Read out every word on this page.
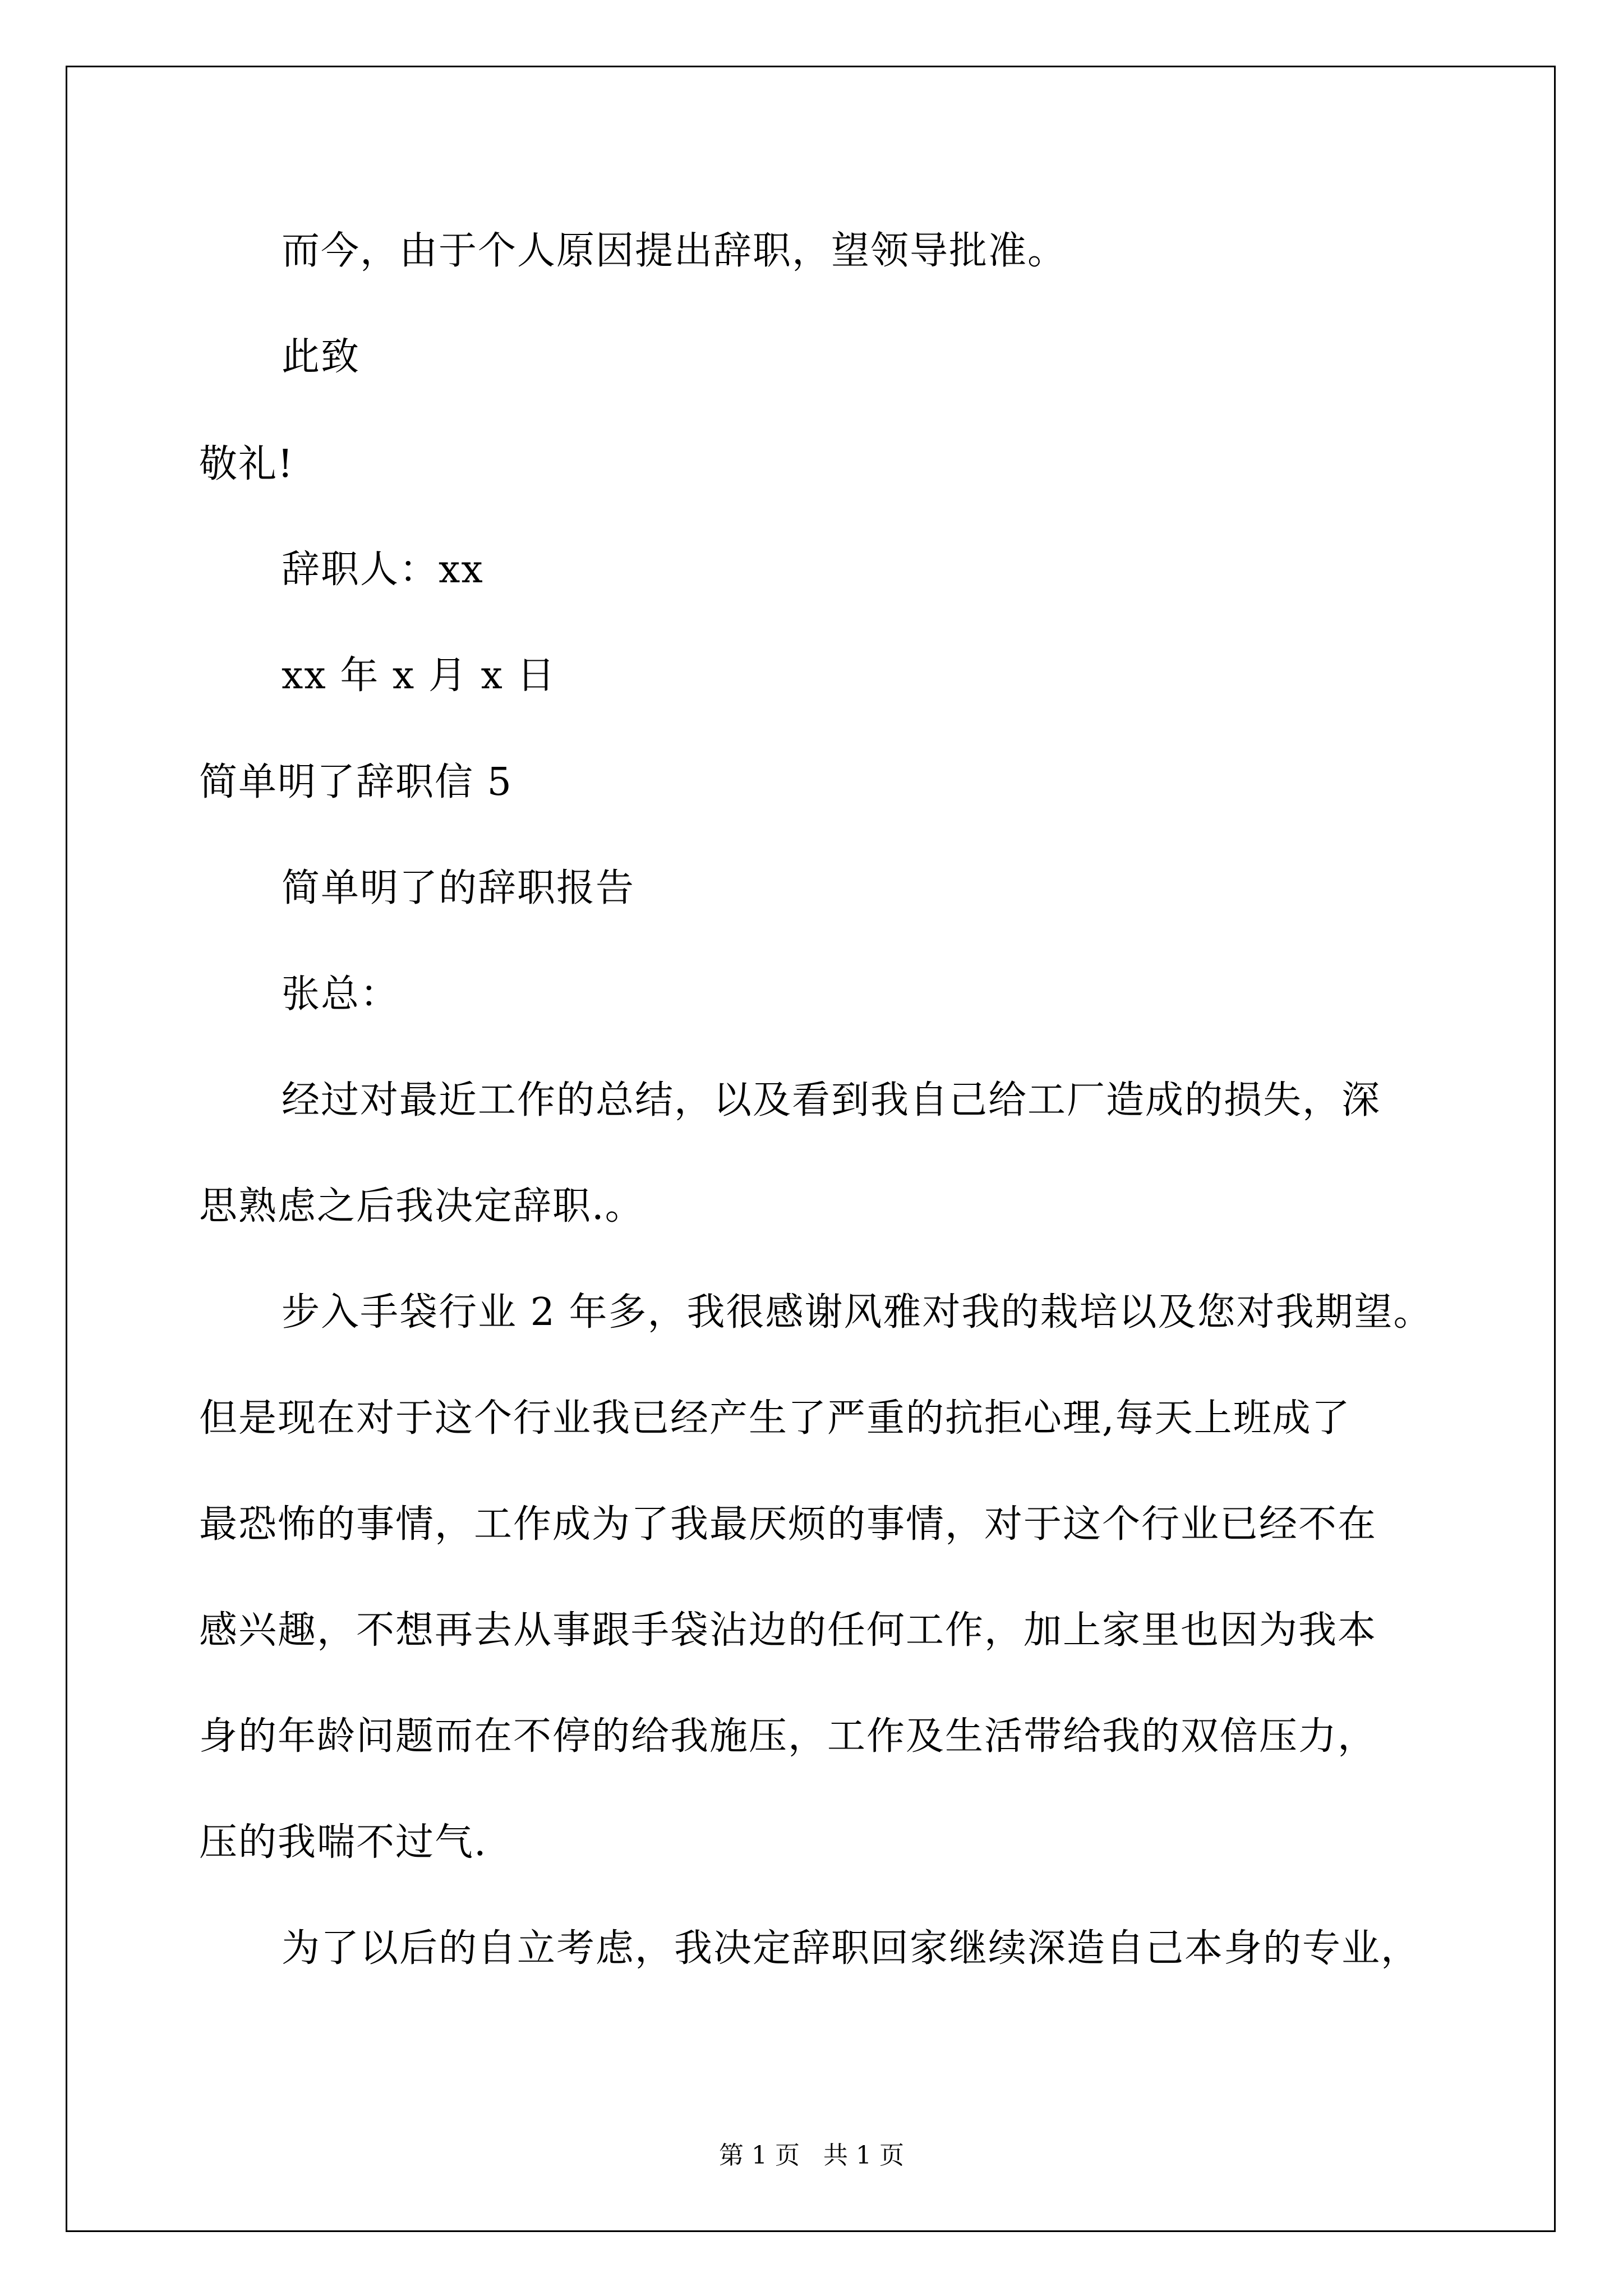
而今，由于个人原因提出辞职，望领导批准。
此致
敬礼!
辞职人：xx
xx 年 x 月 x 日
简单明了辞职信 5
简单明了的辞职报告
张总：
经过对最近工作的总结，以及看到我自己给工厂造成的损失，深
思熟虑之后我决定辞职.。
步入手袋行业 2 年多，我很感谢风雅对我的栽培以及您对我期望。
但是现在对于这个行业我已经产生了严重的抗拒心理,每天上班成了
最恐怖的事情，工作成为了我最厌烦的事情，对于这个行业已经不在
感兴趣，不想再去从事跟手袋沾边的任何工作，加上家里也因为我本
身的年龄问题而在不停的给我施压，工作及生活带给我的双倍压力，
压的我喘不过气.
为了以后的自立考虑，我决定辞职回家继续深造自己本身的专业，
第 1 页 共 1 页
